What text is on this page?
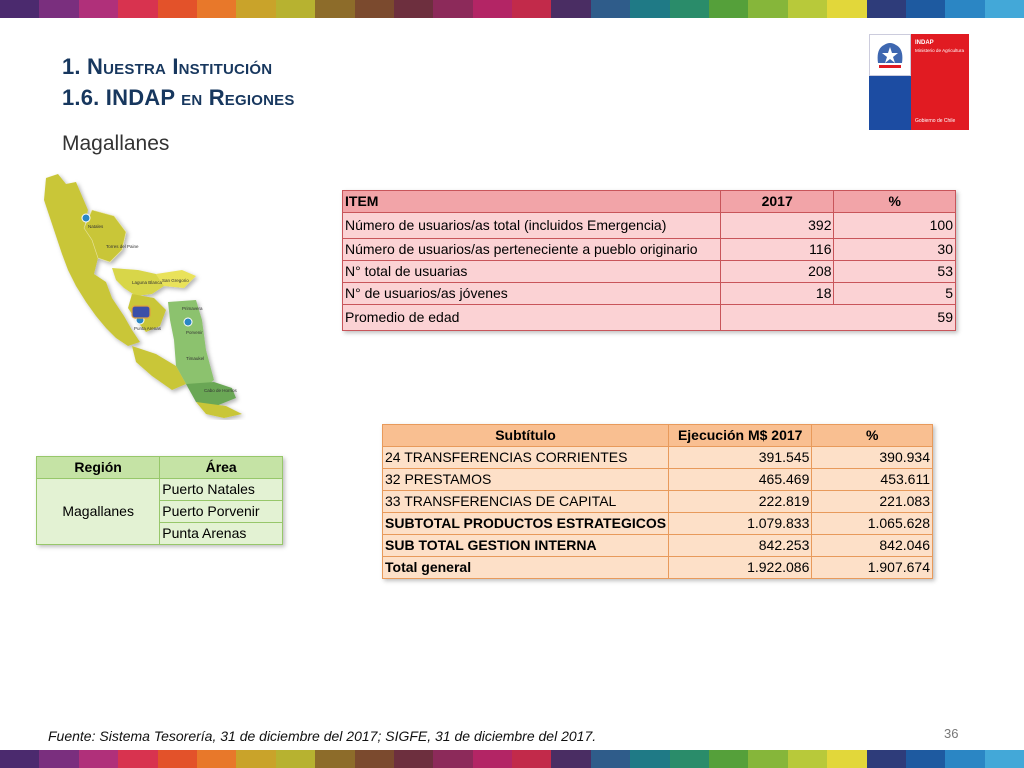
1. Nuestra Institución
1.6. INDAP en Regiones
Magallanes
INDAP
Ministerio de Agricultura
Gobierno de Chile
Natales
Torres del Paine
Laguna Blanca San Gregorio
Punta Arenas
Porvenir
Primavera
Timaukel
Cabo de Hornos
ITEM	2017	%
Número de usuarios/as total (incluidos Emergencia)	392	100
Número de usuarios/as perteneciente a pueblo originario	116	30
N° total de usuarias	208	53
N° de usuarios/as jóvenes	18	5
Promedio de edad	59	
Subtítulo	Ejecución M$ 2017	%
24 TRANSFERENCIAS CORRIENTES	391.545	390.934
32 PRESTAMOS	465.469	453.611
33 TRANSFERENCIAS DE CAPITAL	222.819	221.083
SUBTOTAL PRODUCTOS ESTRATEGICOS	1.079.833	1.065.628
SUB TOTAL GESTION INTERNA	842.253	842.046
Total general	1.922.086	1.907.674
Región	Área
Magallanes	Puerto Natales
	Puerto Porvenir
	Punta Arenas
36
Fuente: Sistema Tesorería, 31 de diciembre del 2017; SIGFE, 31 de diciembre del 2017.
